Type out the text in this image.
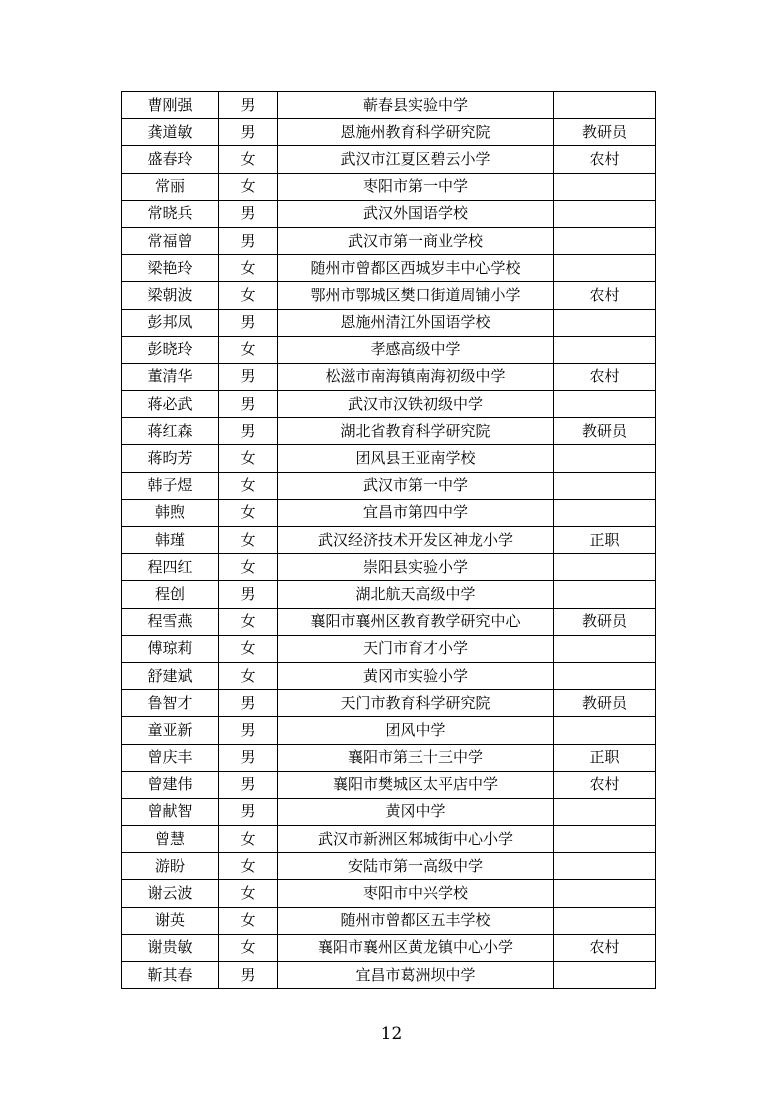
曹刚强	男	蕲春县实验中学	
龚道敏	男	恩施州教育科学研究院	教研员
盛春玲	女	武汉市江夏区碧云小学	农村
常丽	女	枣阳市第一中学	
常晓兵	男	武汉外国语学校	
常福曾	男	武汉市第一商业学校	
梁艳玲	女	随州市曾都区西城岁丰中心学校	
梁朝波	女	鄂州市鄂城区樊口街道周铺小学	农村
彭邦凤	男	恩施州清江外国语学校	
彭晓玲	女	孝感高级中学	
董清华	男	松滋市南海镇南海初级中学	农村
蒋必武	男	武汉市汉铁初级中学	
蒋红森	男	湖北省教育科学研究院	教研员
蒋昀芳	女	团风县王亚南学校	
韩子煜	女	武汉市第一中学	
韩煦	女	宜昌市第四中学	
韩瑾	女	武汉经济技术开发区神龙小学	正职
程四红	女	崇阳县实验小学	
程创	男	湖北航天高级中学	
程雪燕	女	襄阳市襄州区教育教学研究中心	教研员
傅琼莉	女	天门市育才小学	
舒建斌	女	黄冈市实验小学	
鲁智才	男	天门市教育科学研究院	教研员
童亚新	男	团风中学	
曾庆丰	男	襄阳市第三十三中学	正职
曾建伟	男	襄阳市樊城区太平店中学	农村
曾献智	男	黄冈中学	
曾慧	女	武汉市新洲区邾城街中心小学	
游盼	女	安陆市第一高级中学	
谢云波	女	枣阳市中兴学校	
谢英	女	随州市曾都区五丰学校	
谢贵敏	女	襄阳市襄州区黄龙镇中心小学	农村
靳其春	男	宜昌市葛洲坝中学	
12
